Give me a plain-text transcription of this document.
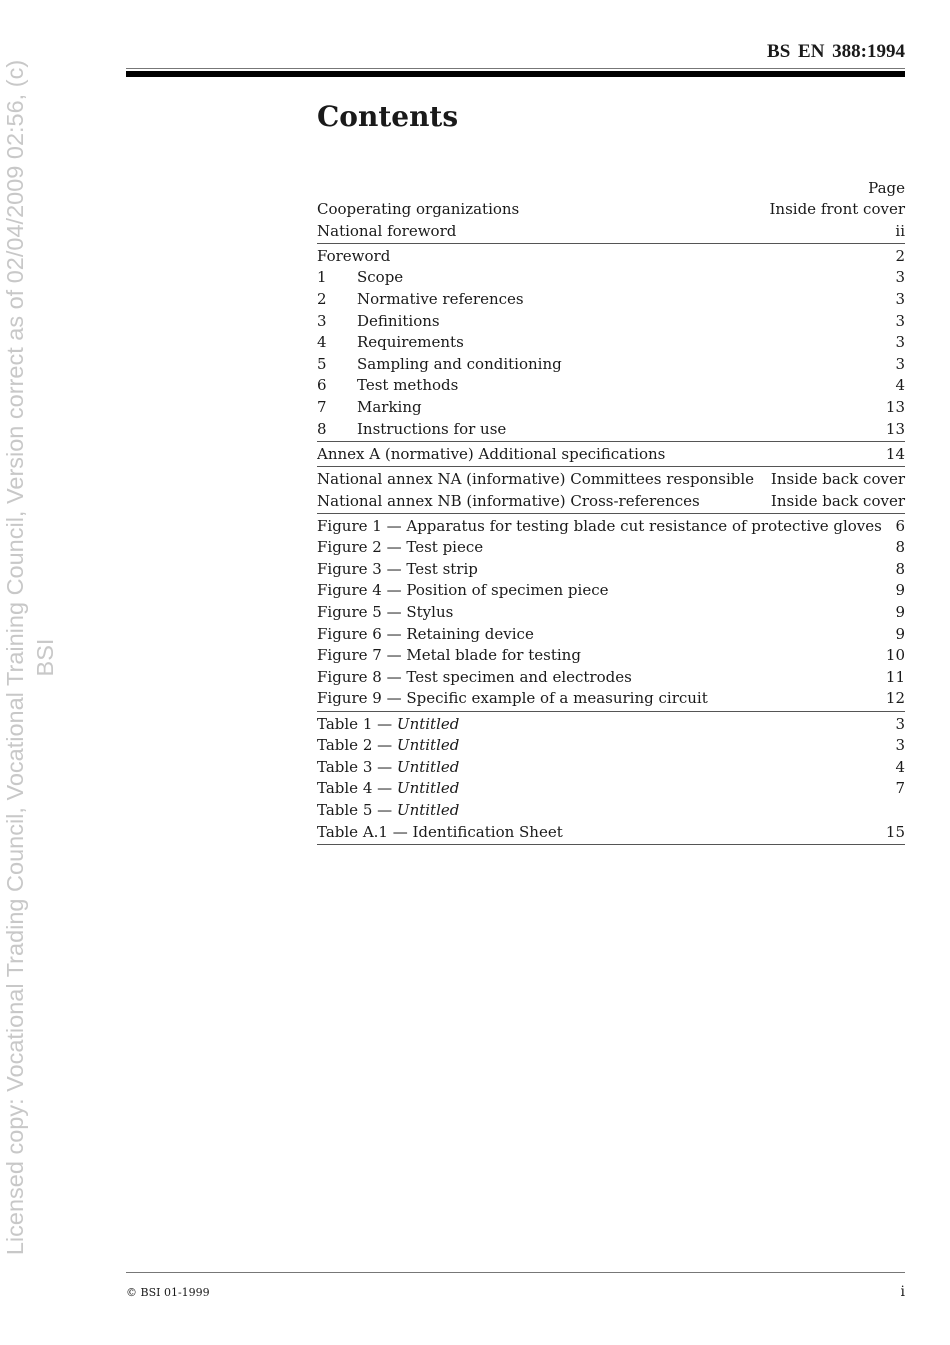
Licensed copy: Vocational Trading Council, Vocational Training Council, Version correct as of 02/04/2009 02:56, (c) BSI
BS EN 388:1994
Contents
Page
Cooperating organizations	Inside front cover
National foreword	ii
Foreword	2
1 Scope	3
2 Normative references	3
3 Definitions	3
4 Requirements	3
5 Sampling and conditioning	3
6 Test methods	4
7 Marking	13
8 Instructions for use	13
Annex A (normative) Additional specifications	14
National annex NA (informative) Committees responsible	Inside back cover
National annex NB (informative) Cross-references	Inside back cover
Figure 1 — Apparatus for testing blade cut resistance of protective gloves 6
Figure 2 — Test piece	8
Figure 3 — Test strip	8
Figure 4 — Position of specimen piece	9
Figure 5 — Stylus	9
Figure 6 — Retaining device	9
Figure 7 — Metal blade for testing	10
Figure 8 — Test specimen and electrodes	11
Figure 9 — Specific example of a measuring circuit	12
Table 1 — Untitled	3
Table 2 — Untitled	3
Table 3 — Untitled	4
Table 4 — Untitled	7
Table 5 — Untitled
Table A.1 — Identification Sheet	15
© BSI 01-1999	i
